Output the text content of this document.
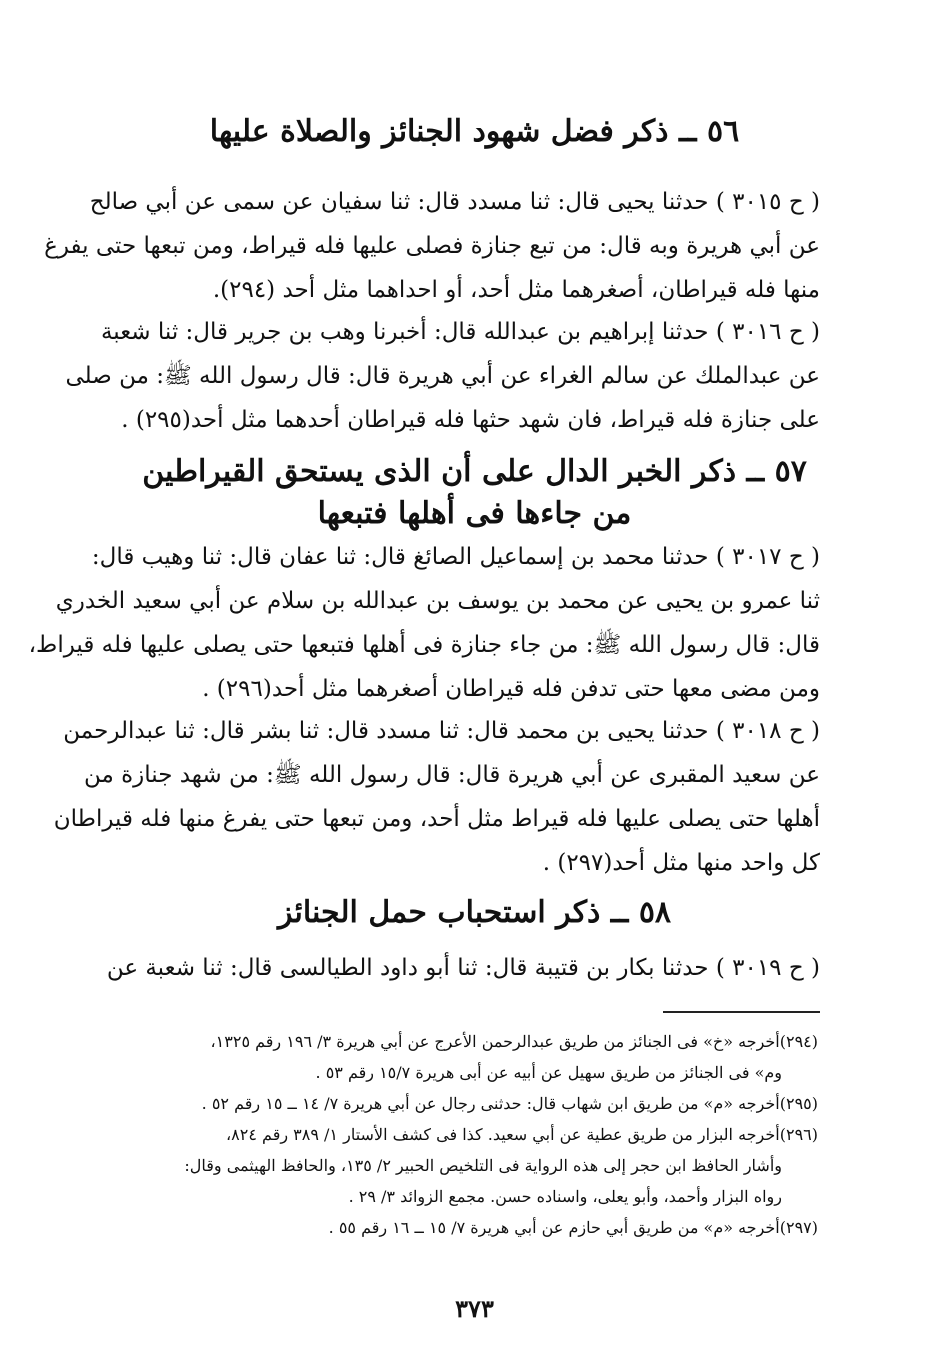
٥٦ ــ ذكر فضل شهود الجنائز والصلاة عليها
( ح ٣٠١٥ ) حدثنا يحيى قال: ثنا مسدد قال: ثنا سفيان عن سمى عن أبي صالح
عن أبي هريرة وبه قال: من تبع جنازة فصلى عليها فله قيراط، ومن تبعها حتى يفرغ
منها فله قيراطان، أصغرهما مثل أحد، أو احداهما مثل أحد (٢٩٤).
( ح ٣٠١٦ ) حدثنا إبراهيم بن عبدالله قال: أخبرنا وهب بن جرير قال: ثنا شعبة
عن عبدالملك عن سالم الغراء عن أبي هريرة قال: قال رسول الله ﷺ: من صلى
على جنازة فله قيراط، فان شهد حثها فله قيراطان أحدهما مثل أحد(٢٩٥) .
٥٧ ــ ذكر الخبر الدال على أن الذى يستحق القيراطين
من جاءها فى أهلها فتبعها
( ح ٣٠١٧ ) حدثنا محمد بن إسماعيل الصائغ قال: ثنا عفان قال: ثنا وهيب قال:
ثنا عمرو بن يحيى عن محمد بن يوسف بن عبدالله بن سلام عن أبي سعيد الخدري
قال: قال رسول الله ﷺ: من جاء جنازة فى أهلها فتبعها حتى يصلى عليها فله قيراط،
ومن مضى معها حتى تدفن فله قيراطان أصغرهما مثل أحد(٢٩٦) .
( ح ٣٠١٨ ) حدثنا يحيى بن محمد قال: ثنا مسدد قال: ثنا بشر قال: ثنا عبدالرحمن
عن سعيد المقبرى عن أبي هريرة قال: قال رسول الله ﷺ: من شهد جنازة من
أهلها حتى يصلى عليها فله قيراط مثل أحد، ومن تبعها حتى يفرغ منها فله قيراطان
كل واحد منها مثل أحد(٢٩٧) .
٥٨ ــ ذكر استحباب حمل الجنائز
( ح ٣٠١٩ ) حدثنا بكار بن قتيبة قال: ثنا أبو داود الطيالسى قال: ثنا شعبة عن
(٢٩٤)أخرجه «خ» فى الجنائز من طريق عبدالرحمن الأعرج عن أبي هريرة ٣/ ١٩٦ رقم ١٣٢٥،
وم» فى الجنائز من طريق سهيل عن أبيه عن أبى هريرة ١٥/٧ رقم ٥٣ .
(٢٩٥)أخرجه «م» من طريق ابن شهاب قال: حدثنى رجال عن أبي هريرة ٧/ ١٤ ــ ١٥ رقم ٥٢ .
(٢٩٦)أخرجه البزار من طريق عطية عن أبي سعيد. كذا فى كشف الأستار ١/ ٣٨٩ رقم ٨٢٤،
وأشار الحافظ ابن حجر إلى هذه الرواية فى التلخيص الحبير ٢/ ١٣٥، والحافظ الهيثمى وقال:
رواه البزار وأحمد، وأبو يعلى، واسناده حسن. مجمع الزوائد ٣/ ٢٩ .
(٢٩٧)أخرجه «م» من طريق أبي حازم عن أبي هريرة ٧/ ١٥ ــ ١٦ رقم ٥٥ .
٣٧٣
